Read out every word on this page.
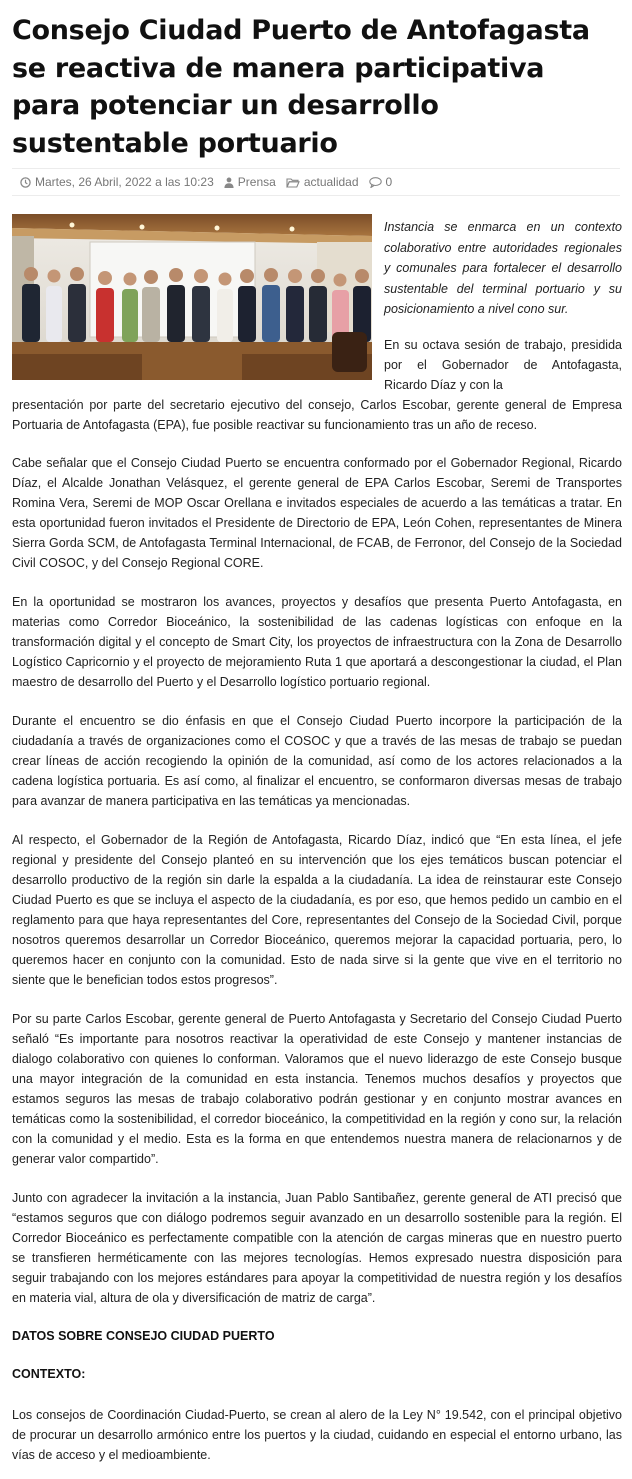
Consejo Ciudad Puerto de Antofagasta se reactiva de manera participativa para potenciar un desarrollo sustentable portuario
Martes, 26 Abril, 2022 a las 10:23 Prensa actualidad 0

Instancia se enmarca en un contexto colaborativo entre autoridades regionales y comunales para fortalecer el desarrollo sustentable del terminal portuario y su posicionamiento a nivel cono sur.

En su octava sesión de trabajo, presidida por el Gobernador de Antofagasta, Ricardo Díaz y con la

presentación por parte del secretario ejecutivo del consejo, Carlos Escobar, gerente general de Empresa Portuaria de Antofagasta (EPA), fue posible reactivar su funcionamiento tras un año de receso.

Cabe señalar que el Consejo Ciudad Puerto se encuentra conformado por el Gobernador Regional, Ricardo Díaz, el Alcalde Jonathan Velásquez, el gerente general de EPA Carlos Escobar, Seremi de Transportes Romina Vera, Seremi de MOP Oscar Orellana e invitados especiales de acuerdo a las temáticas a tratar. En esta oportunidad fueron invitados el Presidente de Directorio de EPA, León Cohen, representantes de Minera Sierra Gorda SCM, de Antofagasta Terminal Internacional, de FCAB, de Ferronor, del Consejo de la Sociedad Civil COSOC, y del Consejo Regional CORE.

En la oportunidad se mostraron los avances, proyectos y desafíos que presenta Puerto Antofagasta, en materias como Corredor Bioceánico, la sostenibilidad de las cadenas logísticas con enfoque en la transformación digital y el concepto de Smart City, los proyectos de infraestructura con la Zona de Desarrollo Logístico Capricornio y el proyecto de mejoramiento Ruta 1 que aportará a descongestionar la ciudad, el Plan maestro de desarrollo del Puerto y el Desarrollo logístico portuario regional.

Durante el encuentro se dio énfasis en que el Consejo Ciudad Puerto incorpore la participación de la ciudadanía a través de organizaciones como el COSOC y que a través de las mesas de trabajo se puedan crear líneas de acción recogiendo la opinión de la comunidad, así como de los actores relacionados a la cadena logística portuaria. Es así como, al finalizar el encuentro, se conformaron diversas mesas de trabajo para avanzar de manera participativa en las temáticas ya mencionadas.

Al respecto, el Gobernador de la Región de Antofagasta, Ricardo Díaz, indicó que “En esta línea, el jefe regional y presidente del Consejo planteó en su intervención que los ejes temáticos buscan potenciar el desarrollo productivo de la región sin darle la espalda a la ciudadanía. La idea de reinstaurar este Consejo Ciudad Puerto es que se incluya el aspecto de la ciudadanía, es por eso, que hemos pedido un cambio en el reglamento para que haya representantes del Core, representantes del Consejo de la Sociedad Civil, porque nosotros queremos desarrollar un Corredor Bioceánico, queremos mejorar la capacidad portuaria, pero, lo queremos hacer en conjunto con la comunidad. Esto de nada sirve si la gente que vive en el territorio no siente que le benefician todos estos progresos”.

Por su parte Carlos Escobar, gerente general de Puerto Antofagasta y Secretario del Consejo Ciudad Puerto señaló “Es importante para nosotros reactivar la operatividad de este Consejo y mantener instancias de dialogo colaborativo con quienes lo conforman. Valoramos que el nuevo liderazgo de este Consejo busque una mayor integración de la comunidad en esta instancia. Tenemos muchos desafíos y proyectos que estamos seguros las mesas de trabajo colaborativo podrán gestionar y en conjunto mostrar avances en temáticas como la sostenibilidad, el corredor bioceánico, la competitividad en la región y cono sur, la relación con la comunidad y el medio. Esta es la forma en que entendemos nuestra manera de relacionarnos y de generar valor compartido”.

Junto con agradecer la invitación a la instancia, Juan Pablo Santibañez, gerente general de ATI precisó que “estamos seguros que con diálogo podremos seguir avanzado en un desarrollo sostenible para la región. El Corredor Bioceánico es perfectamente compatible con la atención de cargas mineras que en nuestro puerto se transfieren herméticamente con las mejores tecnologías. Hemos expresado nuestra disposición para seguir trabajando con los mejores estándares para apoyar la competitividad de nuestra región y los desafíos en materia vial, altura de ola y diversificación de matriz de carga”.

DATOS SOBRE CONSEJO CIUDAD PUERTO
CONTEXTO:

Los consejos de Coordinación Ciudad-Puerto, se crean al alero de la Ley N° 19.542, con el principal objetivo de procurar un desarrollo armónico entre los puertos y la ciudad, cuidando en especial el entorno urbano, las vías de acceso y el medioambiente.
